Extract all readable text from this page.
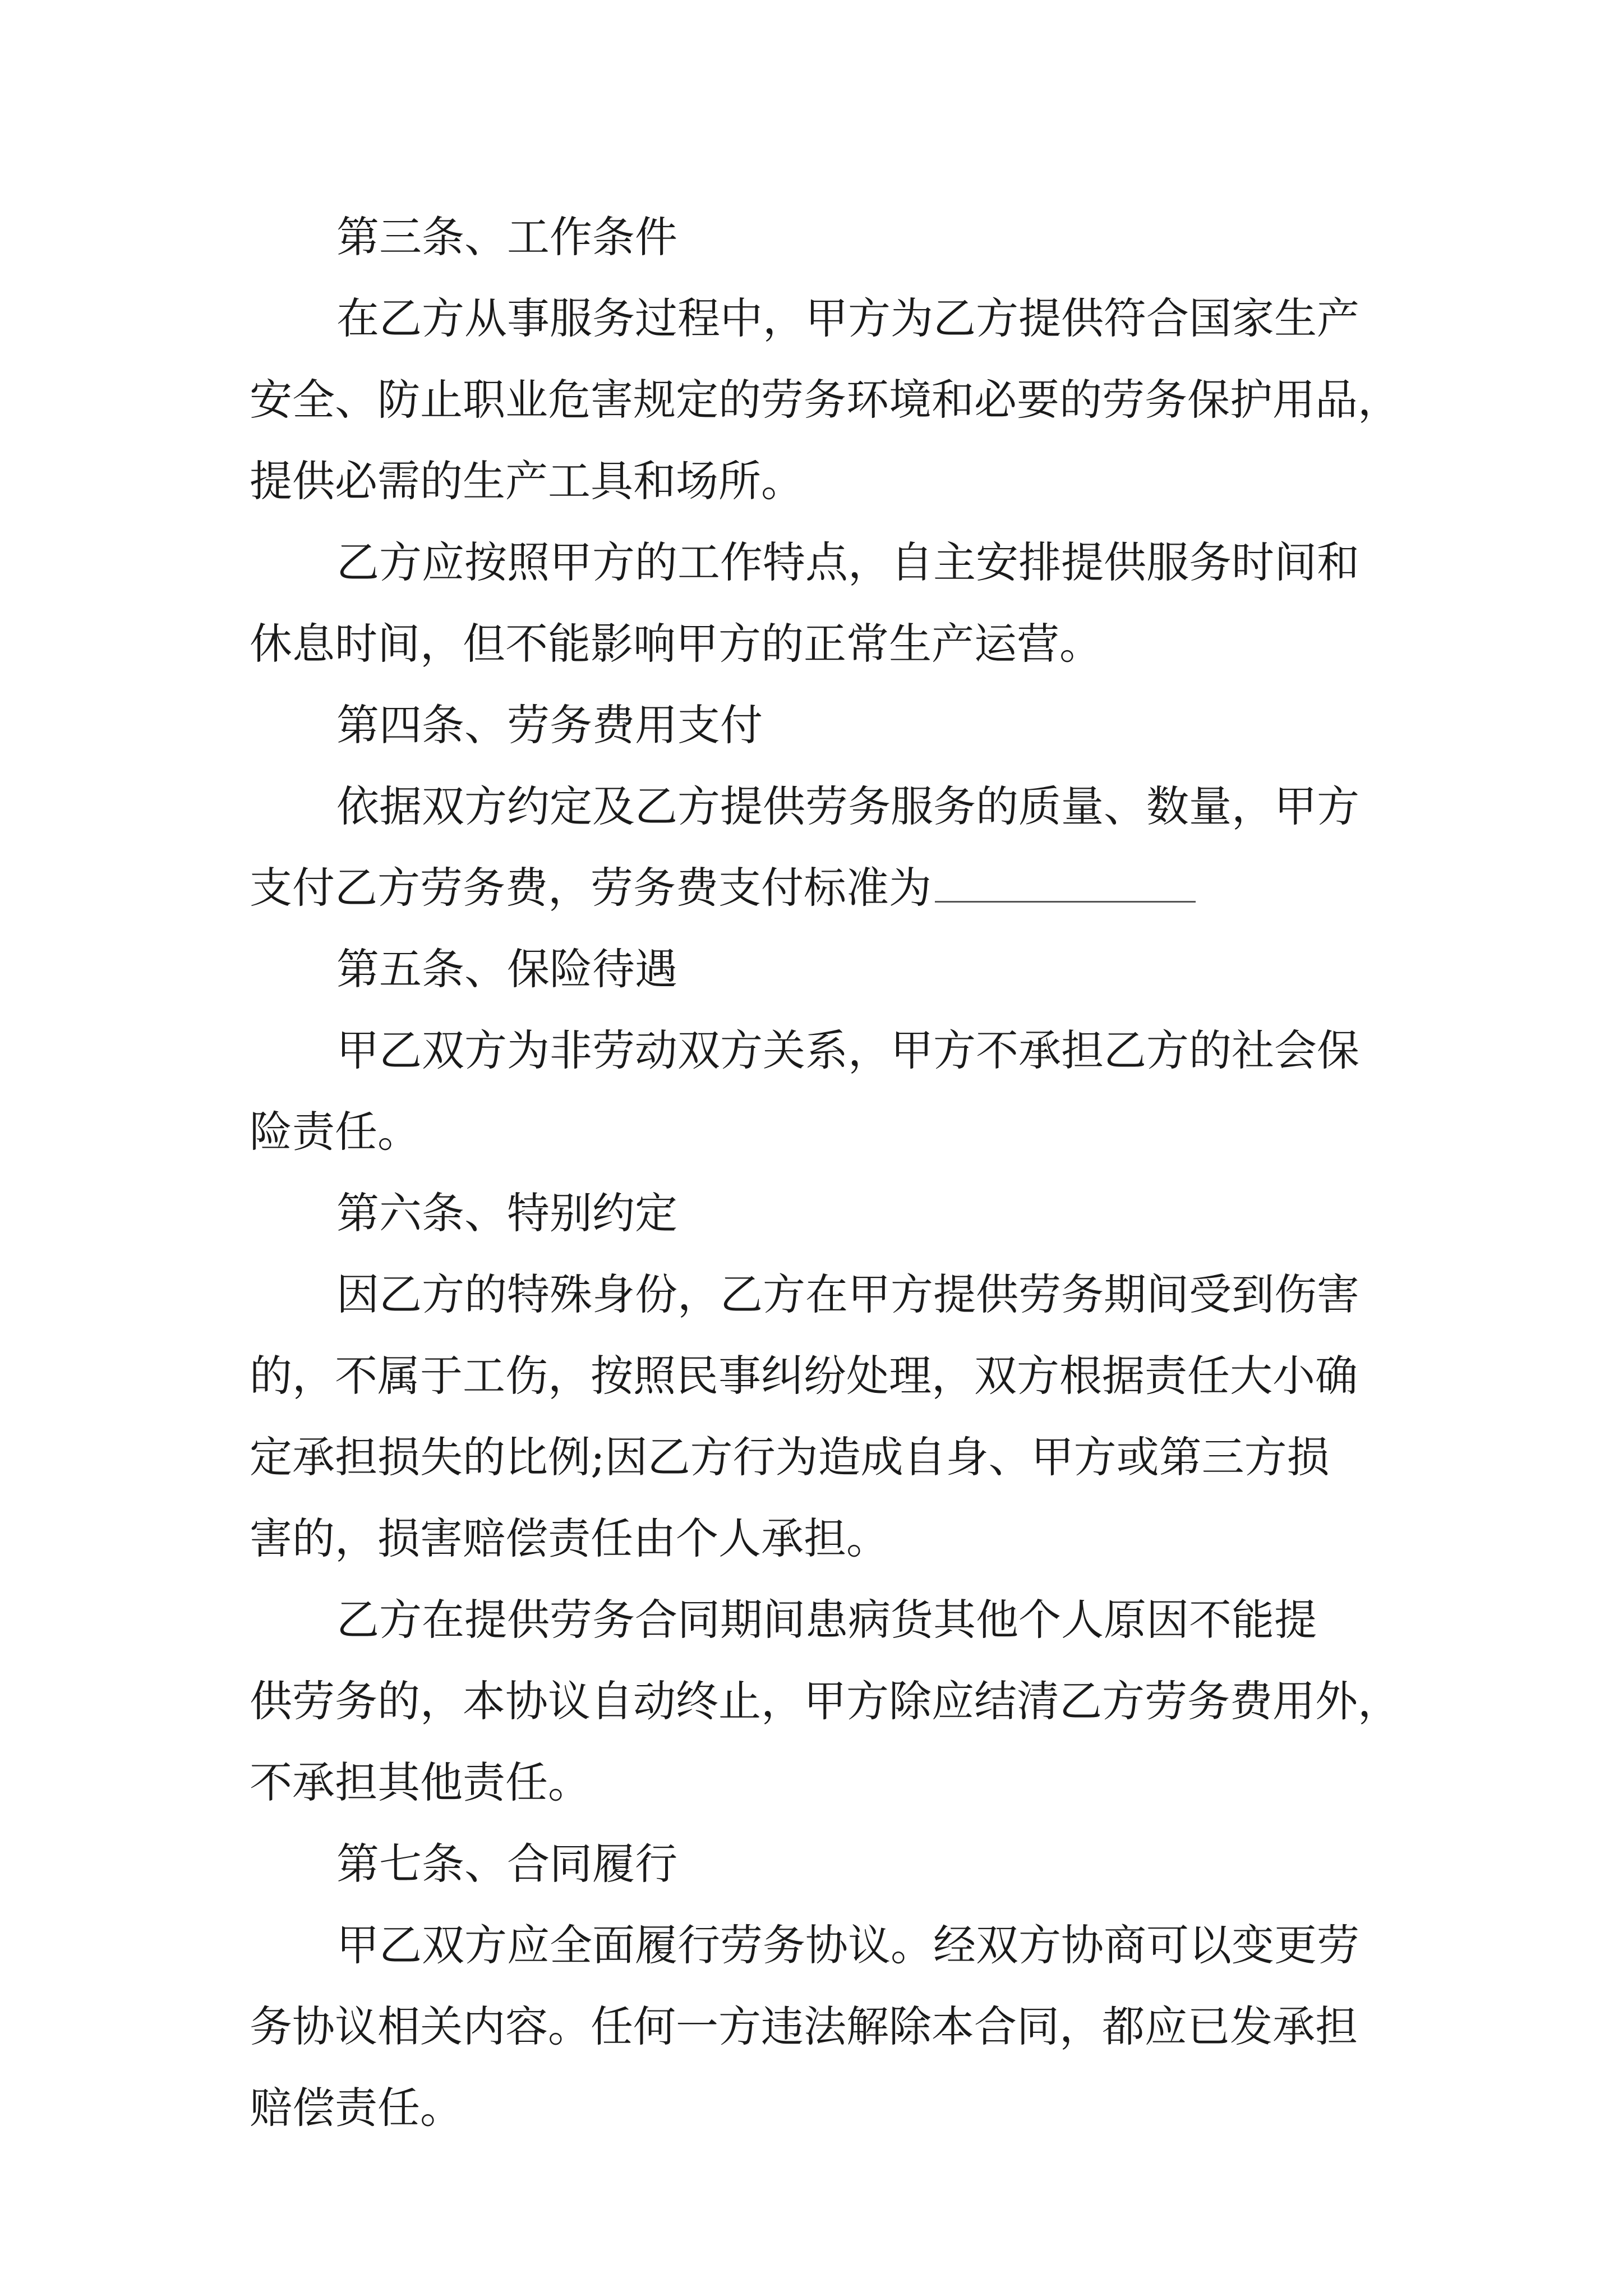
第三条、工作条件

在乙方从事服务过程中，甲方为乙方提供符合国家生产

安全、防止职业危害规定的劳务环境和必要的劳务保护用品，

提供必需的生产工具和场所。

乙方应按照甲方的工作特点，自主安排提供服务时间和

休息时间，但不能影响甲方的正常生产运营。

第四条、劳务费用支付

依据双方约定及乙方提供劳务服务的质量、数量，甲方

支付乙方劳务费，劳务费支付标准为

第五条、保险待遇

甲乙双方为非劳动双方关系，甲方不承担乙方的社会保

险责任。

第六条、特别约定

因乙方的特殊身份，乙方在甲方提供劳务期间受到伤害

的，不属于工伤，按照民事纠纷处理，双方根据责任大小确

定承担损失的比例;因乙方行为造成自身、甲方或第三方损

害的，损害赔偿责任由个人承担。

乙方在提供劳务合同期间患病货其他个人原因不能提

供劳务的，本协议自动终止，甲方除应结清乙方劳务费用外，

不承担其他责任。

第七条、合同履行

甲乙双方应全面履行劳务协议。经双方协商可以变更劳

务协议相关内容。任何一方违法解除本合同，都应已发承担

赔偿责任。
